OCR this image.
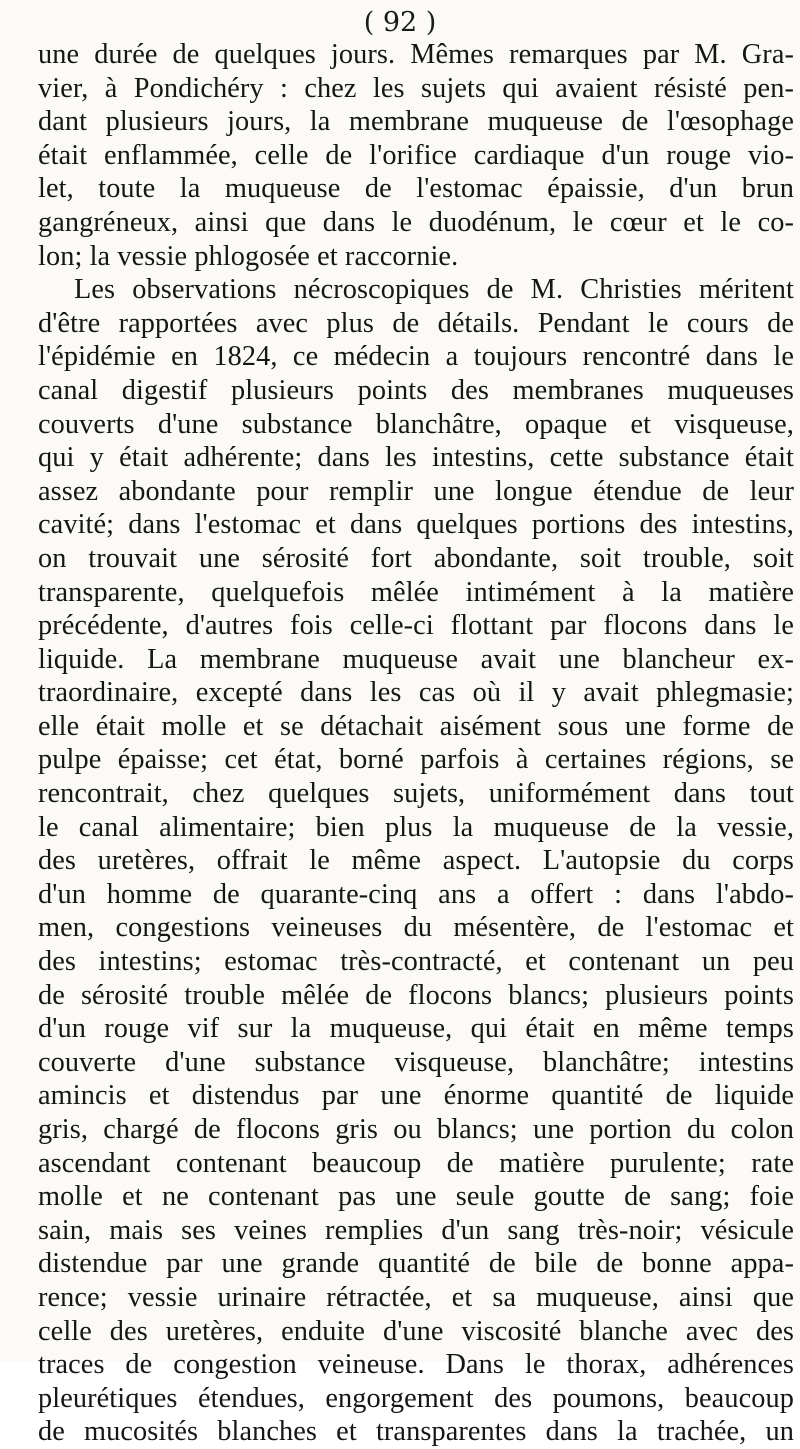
( 92 )
une durée de quelques jours. Mêmes remarques par M. Gra-
vier, à Pondichéry : chez les sujets qui avaient résisté pen-
dant plusieurs jours, la membrane muqueuse de l'œsophage
était enflammée, celle de l'orifice cardiaque d'un rouge vio-
let, toute la muqueuse de l'estomac épaissie, d'un brun
gangréneux, ainsi que dans le duodénum, le cœur et le co-
lon; la vessie phlogosée et raccornie.
Les observations nécroscopiques de M. Christies méritent
d'être rapportées avec plus de détails. Pendant le cours de
l'épidémie en 1824, ce médecin a toujours rencontré dans le
canal digestif plusieurs points des membranes muqueuses
couverts d'une substance blanchâtre, opaque et visqueuse,
qui y était adhérente; dans les intestins, cette substance était
assez abondante pour remplir une longue étendue de leur
cavité; dans l'estomac et dans quelques portions des intestins,
on trouvait une sérosité fort abondante, soit trouble, soit
transparente, quelquefois mêlée intimément à la matière
précédente, d'autres fois celle-ci flottant par flocons dans le
liquide. La membrane muqueuse avait une blancheur ex-
traordinaire, excepté dans les cas où il y avait phlegmasie;
elle était molle et se détachait aisément sous une forme de
pulpe épaisse; cet état, borné parfois à certaines régions, se
rencontrait, chez quelques sujets, uniformément dans tout
le canal alimentaire; bien plus la muqueuse de la vessie,
des uretères, offrait le même aspect. L'autopsie du corps
d'un homme de quarante-cinq ans a offert : dans l'abdo-
men, congestions veineuses du mésentère, de l'estomac et
des intestins; estomac très-contracté, et contenant un peu
de sérosité trouble mêlée de flocons blancs; plusieurs points
d'un rouge vif sur la muqueuse, qui était en même temps
couverte d'une substance visqueuse, blanchâtre; intestins
amincis et distendus par une énorme quantité de liquide
gris, chargé de flocons gris ou blancs; une portion du colon
ascendant contenant beaucoup de matière purulente; rate
molle et ne contenant pas une seule goutte de sang; foie
sain, mais ses veines remplies d'un sang très-noir; vésicule
distendue par une grande quantité de bile de bonne appa-
rence; vessie urinaire rétractée, et sa muqueuse, ainsi que
celle des uretères, enduite d'une viscosité blanche avec des
traces de congestion veineuse. Dans le thorax, adhérences
pleurétiques étendues, engorgement des poumons, beaucoup
de mucosités blanches et transparentes dans la trachée, un
